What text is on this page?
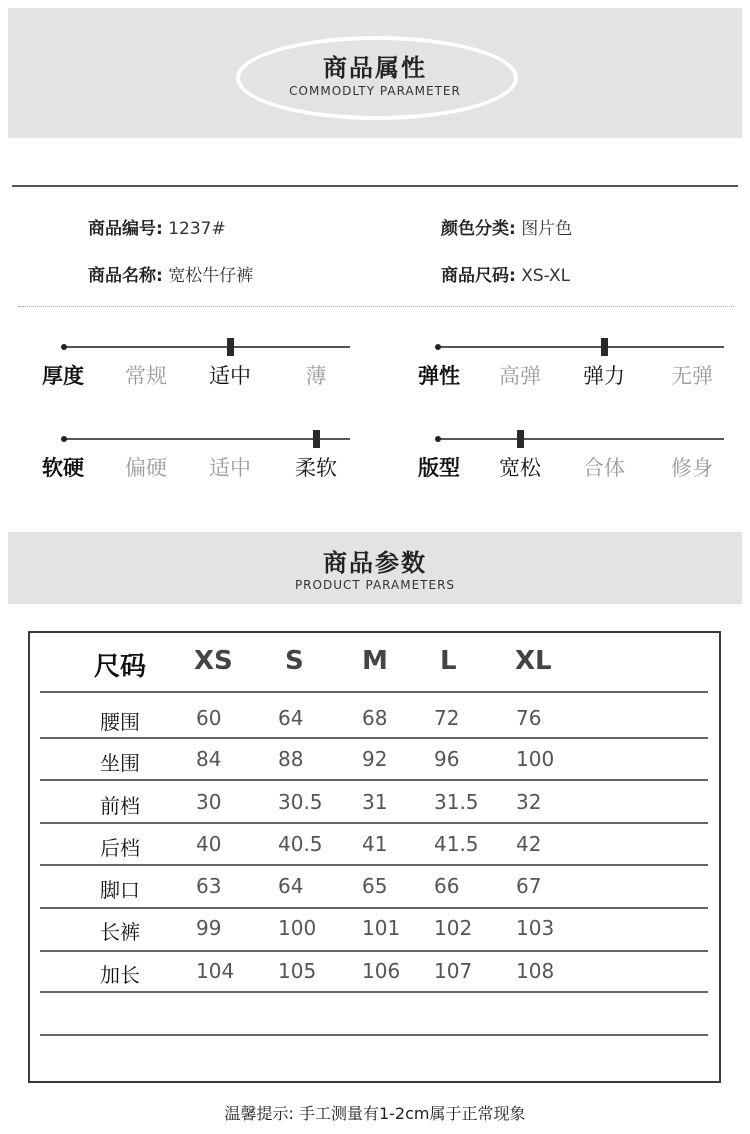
商品属性
COMMODLTY PARAMETER
商品编号: 1237#	颜色分类: 图片色
商品名称: 宽松牛仔裤	商品尺码: XS-XL
厚度	常规	适中	薄	弹性	高弹	弹力	无弹
软硬	偏硬	适中	柔软	版型	宽松	合体	修身
商品参数
PRODUCT PARAMETERS
尺码 XS S M L XL
腰围	60	64	68 72	76
坐围	84	88	92 96	100
前档	30	30.5 31 31.5 32
后档	40	40.5 41 41.5 42
脚口	63	64	65 66	67
长裤	99	100 101 102 103
加长	104 105 106 107 108
温馨提示: 手工测量有1-2cm属于正常现象
